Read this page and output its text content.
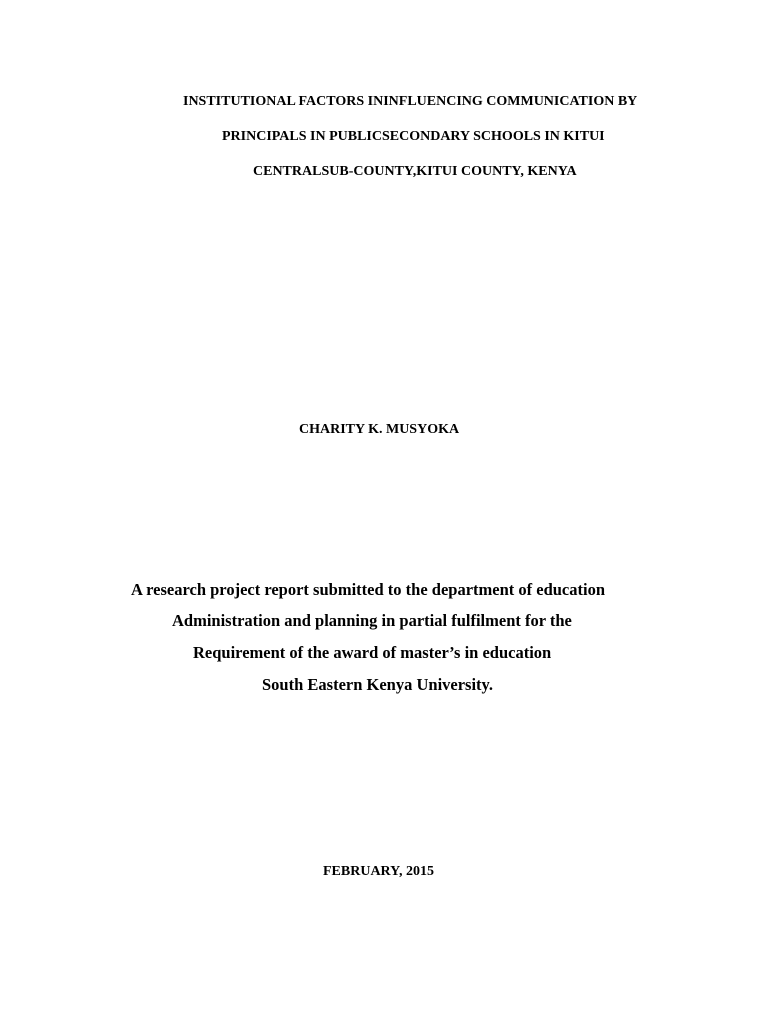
INSTITUTIONAL FACTORS ININFLUENCING COMMUNICATION BY
PRINCIPALS IN PUBLICSECONDARY SCHOOLS IN KITUI
CENTRALSUB-COUNTY,KITUI COUNTY, KENYA
CHARITY K. MUSYOKA
A research project report submitted to the department of education
Administration and planning in partial fulfilment for the
Requirement of the award of master’s in education
South Eastern Kenya University.
FEBRUARY, 2015
